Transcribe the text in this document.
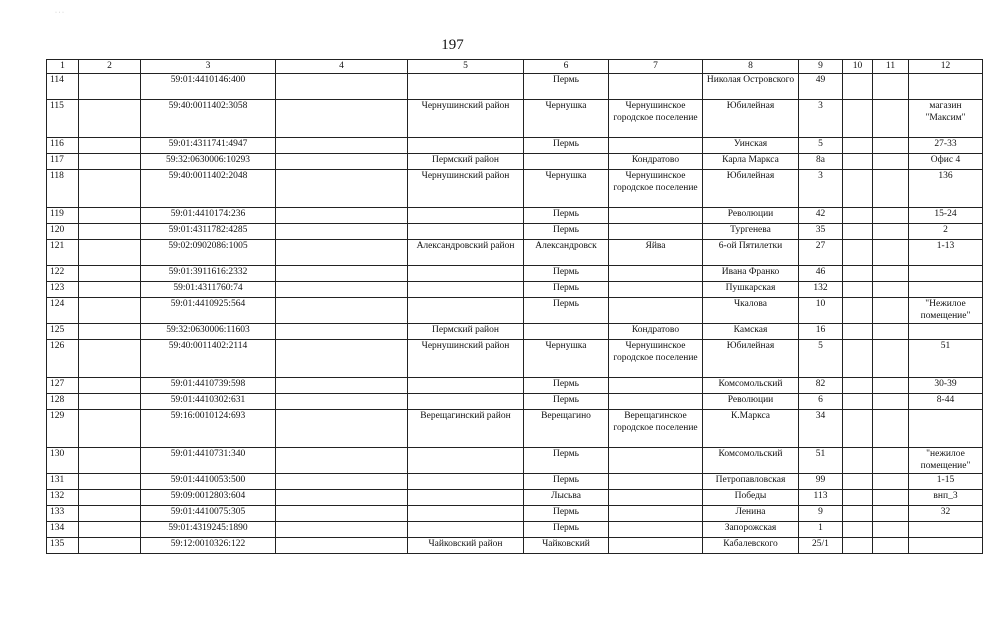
· · ·
197
1	2	3	4	5	6	7	8	9	10	11	12
114		59:01:4410146:400			Пермь		Николая Островского	49			
115		59:40:0011402:3058		Чернушинский район	Чернушка	Чернушинское городское поселение	Юбилейная	3			магазин "Максим"
116		59:01:4311741:4947			Пермь		Уинская	5			27-33
117		59:32:0630006:10293		Пермский район		Кондратово	Карла Маркса	8а			Офис 4
118		59:40:0011402:2048		Чернушинский район	Чернушка	Чернушинское городское поселение	Юбилейная	3			136
119		59:01:4410174:236			Пермь		Революции	42			15-24
120		59:01:4311782:4285			Пермь		Тургенева	35			2
121		59:02:0902086:1005		Александровский район	Александровск	Яйва	6-ой Пятилетки	27			1-13
122		59:01:3911616:2332			Пермь		Ивана Франко	46			
123		59:01:4311760:74			Пермь		Пушкарская	132			
124		59:01:4410925:564			Пермь		Чкалова	10			"Нежилое помещение"
125		59:32:0630006:11603		Пермский район		Кондратово	Камская	16			
126		59:40:0011402:2114		Чернушинский район	Чернушка	Чернушинское городское поселение	Юбилейная	5			51
127		59:01:4410739:598			Пермь		Комсомольский	82			30-39
128		59:01:4410302:631			Пермь		Революции	6			8-44
129		59:16:0010124:693		Верещагинский район	Верещагино	Верещагинское городское поселение	К.Маркса	34			
130		59:01:4410731:340			Пермь		Комсомольский	51			"нежилое помещение"
131		59:01:4410053:500			Пермь		Петропавловская	99			1-15
132		59:09:0012803:604			Лысьва		Победы	113			внп_3
133		59:01:4410075:305			Пермь		Ленина	9			32
134		59:01:4319245:1890			Пермь		Запорожская	1			
135		59:12:0010326:122		Чайковский район	Чайковский		Кабалевского	25/1			
